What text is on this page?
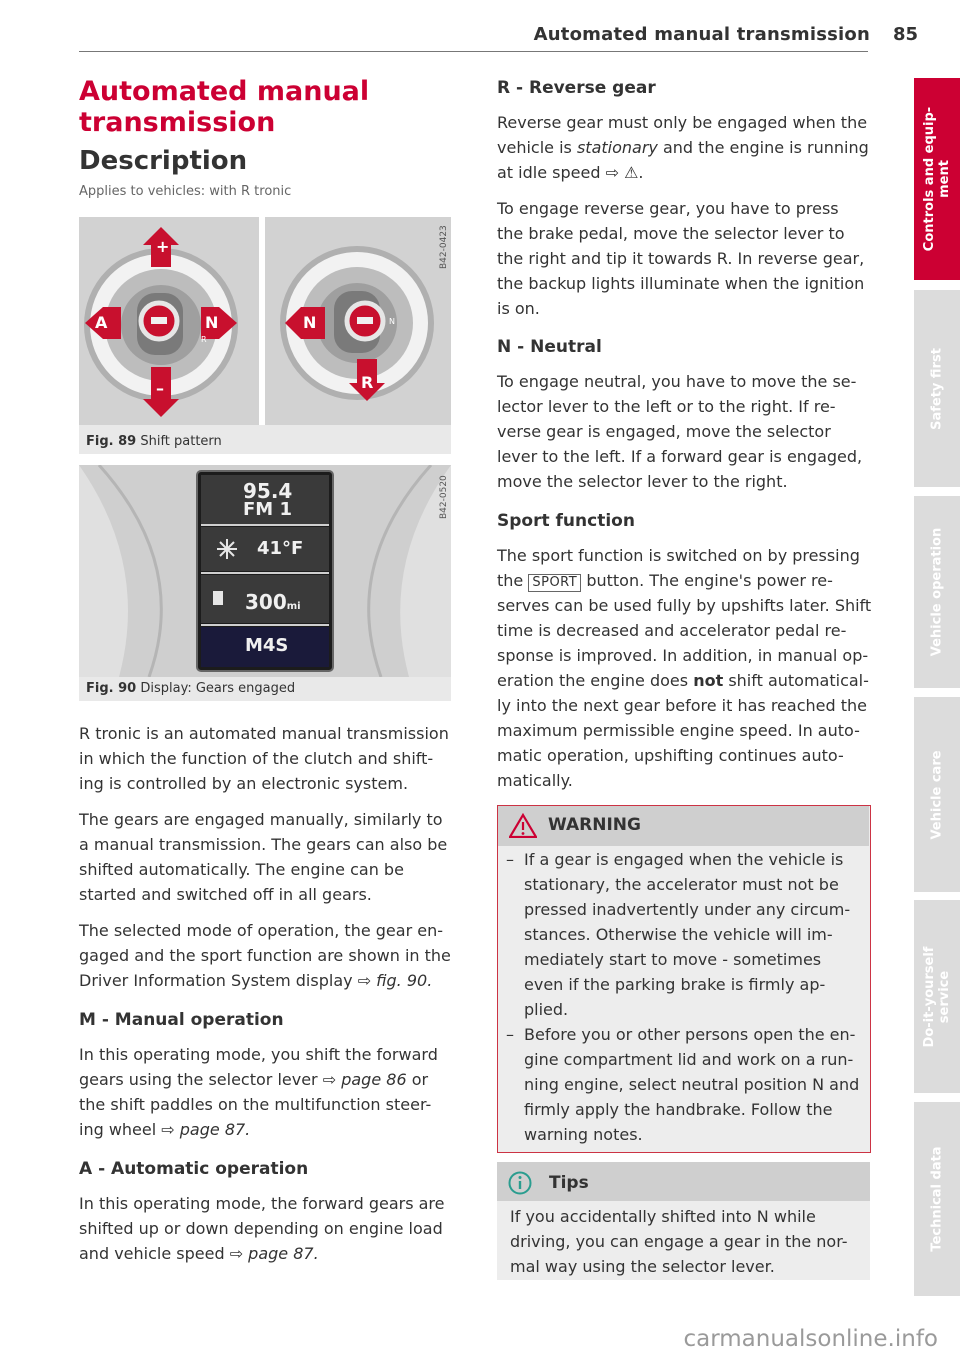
Automated manual transmission 85
Automated manual
transmission
Description
Applies to vehicles: with R tronic
+
–
A	N	N
R
R
N
B42-0423
Fig. 89 Shift pattern
95.4
FM 1
41°F
300mi
M4S
B42-0520
Fig. 90 Display: Gears engaged
R tronic is an automated manual transmission in which the function of the clutch and shift- ing is controlled by an electronic system.
The gears are engaged manually, similarly to a manual transmission. The gears can also be shifted automatically. The engine can be started and switched off in all gears.
The selected mode of operation, the gear en- gaged and the sport function are shown in the Driver Information System display ⇨ fig. 90.
M - Manual operation
In this operating mode, you shift the forward gears using the selector lever ⇨ page 86 or the shift paddles on the multifunction steer- ing wheel ⇨ page 87.
A - Automatic operation
In this operating mode, the forward gears are shifted up or down depending on engine load and vehicle speed ⇨ page 87.
R - Reverse gear
Reverse gear must only be engaged when the vehicle is stationary and the engine is running at idle speed ⇨ ⚠.
To engage reverse gear, you have to press the brake pedal, move the selector lever to the right and tip it towards R. In reverse gear, the backup lights illuminate when the ignition is on.
N - Neutral
To engage neutral, you have to move the se- lector lever to the left or to the right. If re- verse gear is engaged, move the selector lever to the left. If a forward gear is engaged, move the selector lever to the right.
Sport function
The sport function is switched on by pressing the SPORT button. The engine's power re- serves can be used fully by upshifts later. Shift time is decreased and accelerator pedal re- sponse is improved. In addition, in manual op- eration the engine does not shift automatical- ly into the next gear before it has reached the maximum permissible engine speed. In auto- matic operation, upshifting continues auto- matically.
WARNING
– If a gear is engaged when the vehicle is stationary, the accelerator must not be pressed inadvertently under any circum- stances. Otherwise the vehicle will im- mediately start to move - sometimes even if the parking brake is firmly ap- plied.
– Before you or other persons open the en- gine compartment lid and work on a run- ning engine, select neutral position N and firmly apply the handbrake. Follow the warning notes.
Tips
If you accidentally shifted into N while driving, you can engage a gear in the nor- mal way using the selector lever.
Controls and equip- ment
Safety first
Vehicle operation
Vehicle care
Do-it-yourself service
Technical data
carmanualsonline.info
